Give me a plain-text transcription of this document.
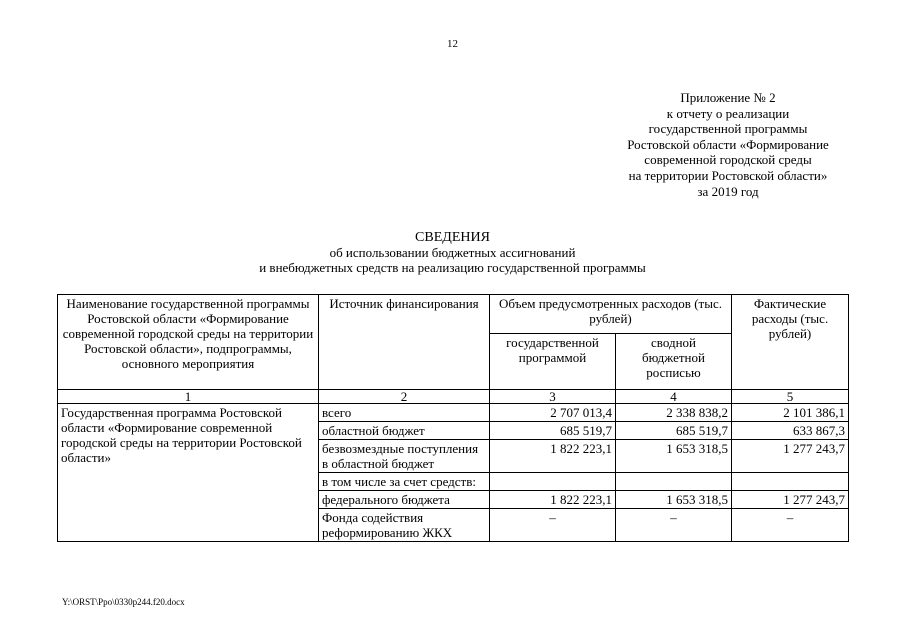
12
Приложение № 2
к отчету о реализации
государственной программы
Ростовской области «Формирование
современной городской среды
на территории Ростовской области»
за 2019 год
СВЕДЕНИЯ
об использовании бюджетных ассигнований
и внебюджетных средств на реализацию государственной программы
Наименование государственной программы Ростовской области «Формирование современной городской среды на территории Ростовской области», подпрограммы, основного мероприятия	Источник финансирования	Объем предусмотренных расходов (тыс. рублей)		Фактические расходы (тыс. рублей)
		государственной программой	сводной бюджетной росписью	
1	2	3	4	5
Государственная программа Ростовской области «Формирование современной городской среды на территории Ростовской области»	всего	2 707 013,4	2 338 838,2	2 101 386,1
	областной бюджет	685 519,7	685 519,7	633 867,3
	безвозмездные поступления в областной бюджет	1 822 223,1	1 653 318,5	1 277 243,7
	в том числе за счет средств:			
	федерального бюджета	1 822 223,1	1 653 318,5	1 277 243,7
	Фонда содействия реформированию ЖКХ	–	–	–
Y:\ORST\Ppo\0330p244.f20.docx
